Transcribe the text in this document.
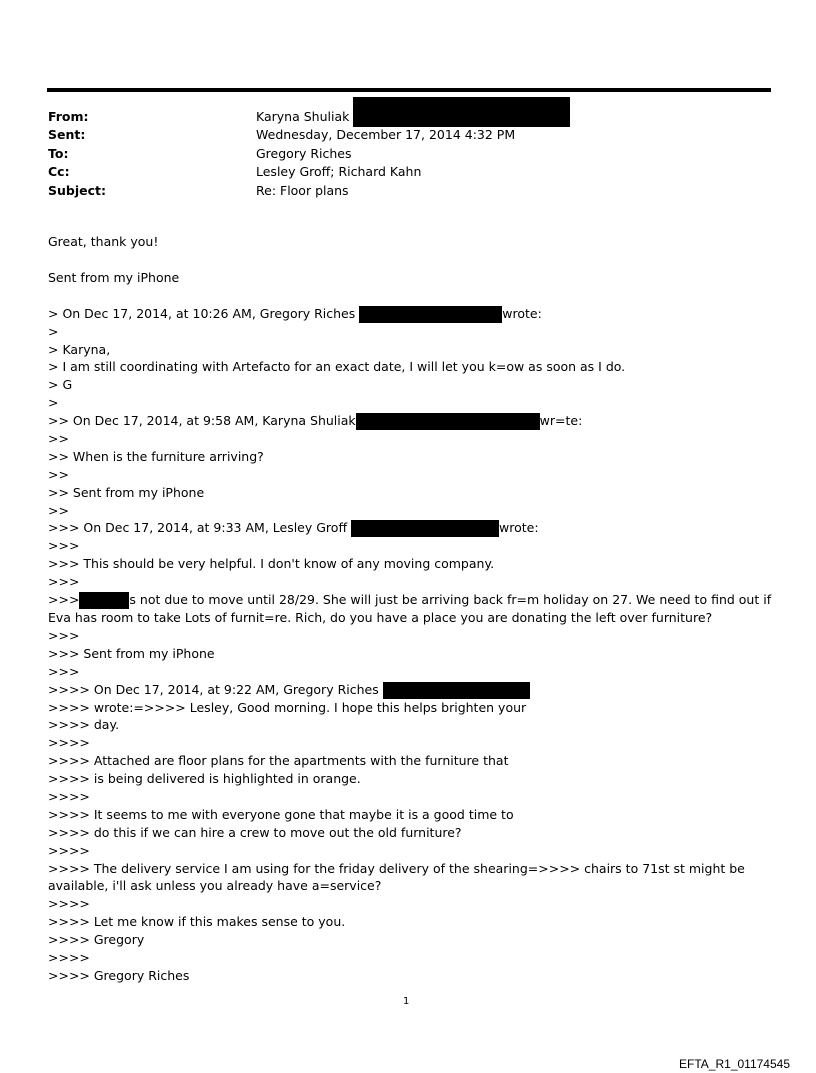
From:	Karyna Shuliak
Sent:	Wednesday, December 17, 2014 4:32 PM
To:	Gregory Riches
Cc:	Lesley Groff; Richard Kahn
Subject:	Re: Floor plans
Great, thank you!
Sent from my iPhone
> On Dec 17, 2014, at 10:26 AM, Gregory Riches	wrote:
>
> Karyna,
> I am still coordinating with Artefacto for an exact date, I will let you k=ow as soon as I do.
> G
>
>> On Dec 17, 2014, at 9:58 AM, Karyna Shuliak	wr=te:
>>
>> When is the furniture arriving?
>>
>> Sent from my iPhone
>>
>>> On Dec 17, 2014, at 9:33 AM, Lesley Groff	wrote:
>>>
>>> This should be very helpful. I don't know of any moving company.
>>>
>>>	s not due to move until 28/29. She will just be arriving back fr=m holiday on 27. We need to find out if Eva has room to take Lots of furnit=re. Rich, do you have a place you are donating the left over furniture?
>>>
>>> Sent from my iPhone
>>>
>>>> On Dec 17, 2014, at 9:22 AM, Gregory Riches
>>>> wrote:=>>>> Lesley, Good morning. I hope this helps brighten your
>>>> day.
>>>>
>>>> Attached are floor plans for the apartments with the furniture that
>>>> is being delivered is highlighted in orange.
>>>>
>>>> It seems to me with everyone gone that maybe it is a good time to
>>>> do this if we can hire a crew to move out the old furniture?
>>>>
>>>> The delivery service I am using for the friday delivery of the shearing=>>>> chairs to 71st st might be available, i'll ask unless you already have a=service?
>>>>
>>>> Let me know if this makes sense to you.
>>>> Gregory
>>>>
>>>> Gregory Riches
1
EFTA_R1_01174545
